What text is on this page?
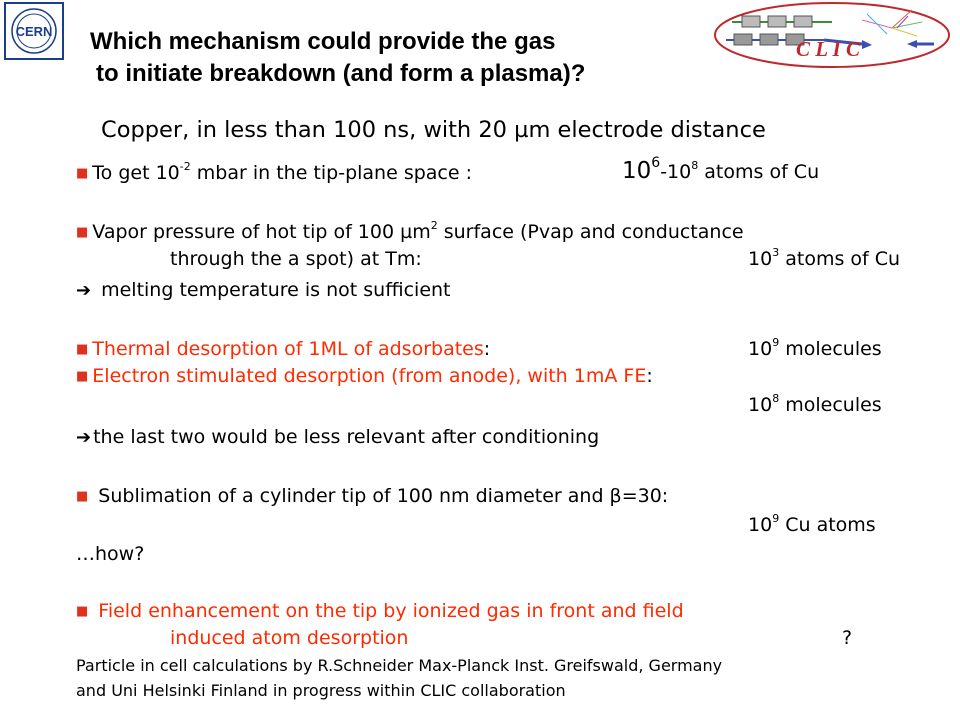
CERN
C L I C
Which mechanism could provide the gas
to initiate breakdown (and form a plasma)?
Copper, in less than 100 ns, with 20 µm electrode distance
■ To get $10^{-2}$ mbar in the tip-plane space :	$10^6-10^8$ atoms of Cu
■ Vapor pressure of hot tip of 100 µm$^2$ surface (Pvap and conductance
through the a spot) at Tm:	$10^3$ atoms of Cu
➔ melting temperature is not sufficient
■ Thermal desorption of 1ML of adsorbates:	$10^9$ molecules
■ Electron stimulated desorption (from anode), with 1mA FE:
$10^8$ molecules
➔ the last two would be less relevant after conditioning
■ Sublimation of a cylinder tip of 100 nm diameter and β=30:
$10^9$ Cu atoms
…how?
■ Field enhancement on the tip by ionized gas in front and field
induced atom desorption	?
Particle in cell calculations by R.Schneider Max-Planck Inst. Greifswald, Germany
and Uni Helsinki Finland in progress within CLIC collaboration
